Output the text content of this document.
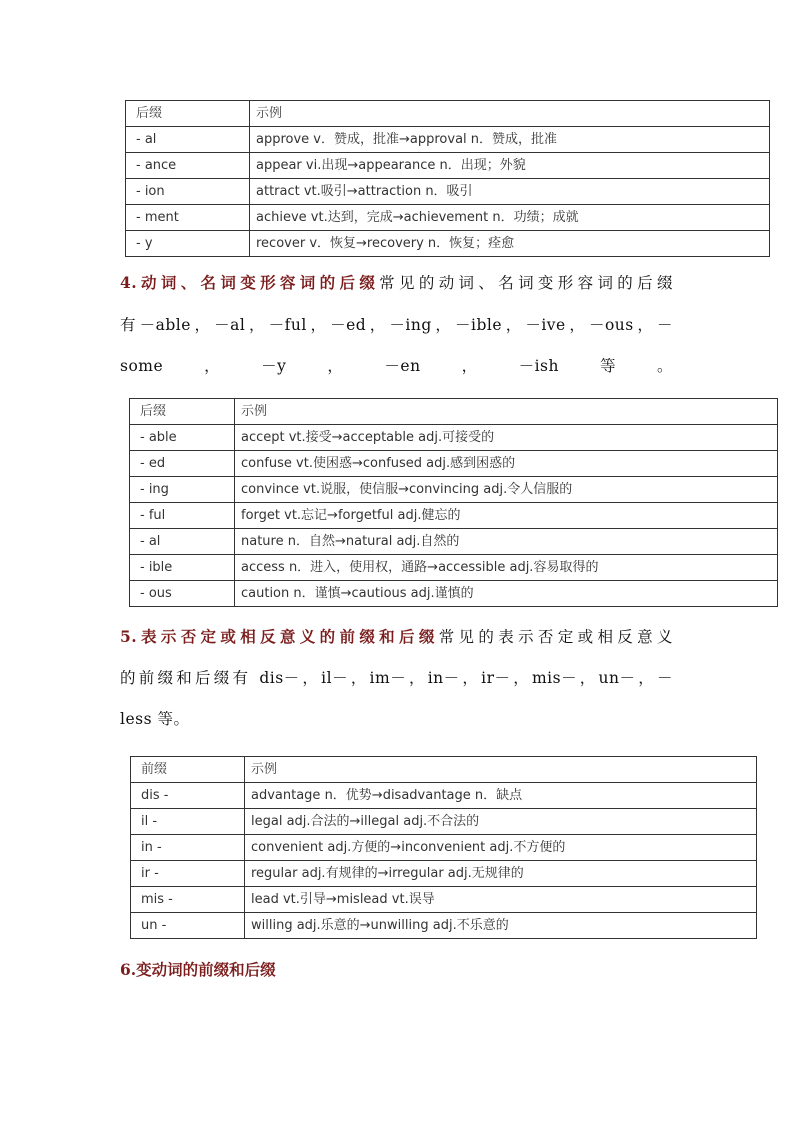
后缀	示例
- al	approve v．赞成，批准→approval n．赞成，批准
- ance	appear vi.出现→appearance n．出现；外貌
- ion	attract vt.吸引→attraction n．吸引
- ment	achieve vt.达到，完成→achievement n．功绩；成就
- y	recover v．恢复→recovery n．恢复；痊愈

4.动词、名词变形容词的后缀常见的动词、名词变形容词的后缀

有－able，－al，－ful，－ed，－ing，－ible，－ive，－ous，－

some，－y，－en，－ish等。

后缀	示例
- able	accept vt.接受→acceptable adj.可接受的
- ed	confuse vt.使困惑→confused adj.感到困惑的
- ing	convince vt.说服，使信服→convincing adj.令人信服的
- ful	forget vt.忘记→forgetful adj.健忘的
- al	nature n．自然→natural adj.自然的
- ible	access n．进入，使用权，通路→accessible adj.容易取得的
- ous	caution n．谨慎→cautious adj.谨慎的

5.表示否定或相反意义的前缀和后缀常见的表示否定或相反意义

的前缀和后缀有 dis－，il－，im－，in－，ir－，mis－，un－，－

less 等。

前缀	示例
dis -	advantage n．优势→disadvantage n．缺点
il -	legal adj.合法的→illegal adj.不合法的
in -	convenient adj.方便的→inconvenient adj.不方便的
ir -	regular adj.有规律的→irregular adj.无规律的
mis -	lead vt.引导→mislead vt.误导
un -	willing adj.乐意的→unwilling adj.不乐意的

6.变动词的前缀和后缀
